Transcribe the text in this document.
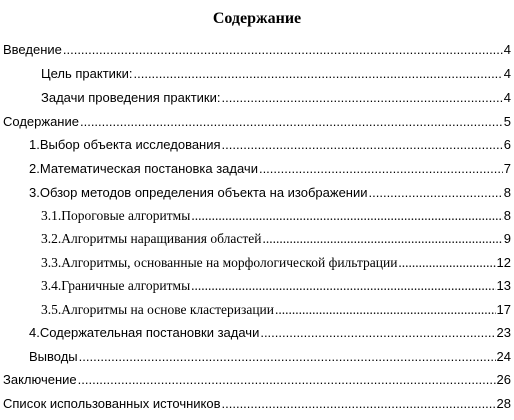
Содержание
Введение .....	4
Цель практики: .....	4
Задачи проведения практики: .....	4
Содержание .....	5
1. Выбор объекта исследования .....	6
2. Математическая постановка задачи .....	7
3. Обзор методов определения объекта на изображении .....	8
3.1. Пороговые алгоритмы .....	8
3.2. Алгоритмы наращивания областей .....	9
3.3. Алгоритмы, основанные на морфологической фильтрации .....	12
3.4. Граничные алгоритмы .....	13
3.5. Алгоритмы на основе кластеризации .....	17
4. Содержательная постановки задачи .....	23
Выводы .....	24
Заключение .....	26
Список использованных источников .....	28
